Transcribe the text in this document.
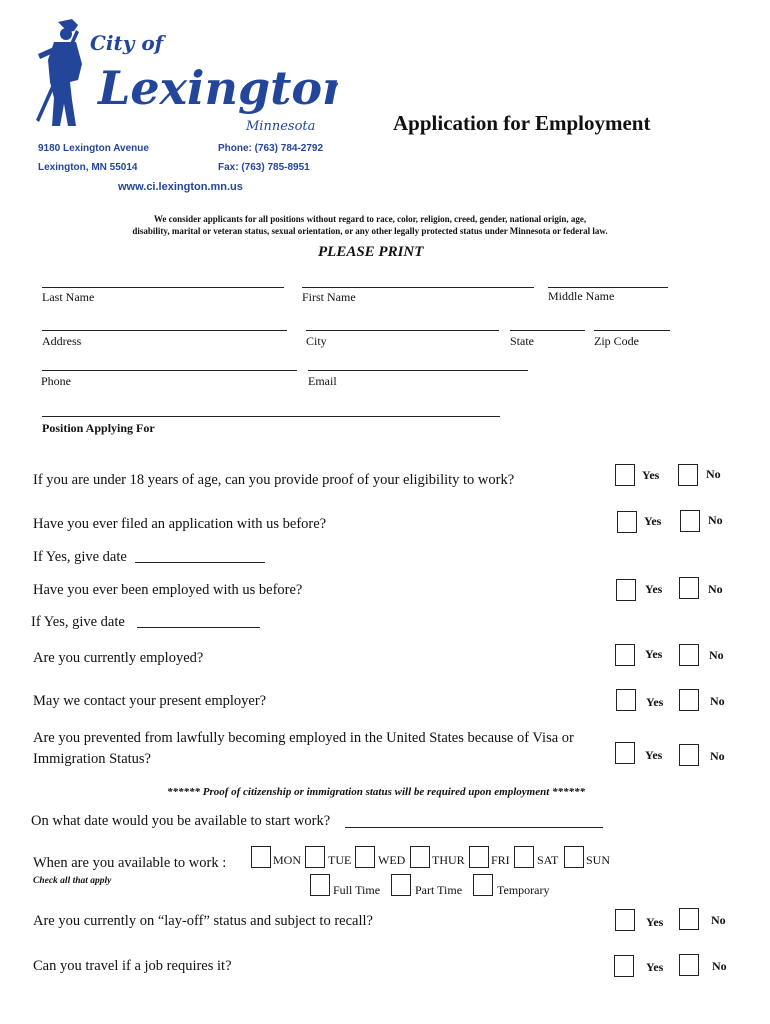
City of
Lexington
Minnesota
9180 Lexington Avenue
Lexington, MN 55014
Phone: (763) 784-2792
Fax: (763) 785-8951
www.ci.lexington.mn.us
Application for Employment
We consider applicants for all positions without regard to race, color, religion, creed, gender, national origin, age,
disability, marital or veteran status, sexual orientation, or any other legally protected status under Minnesota or federal law.
PLEASE PRINT
Last Name	First Name	Middle Name
Address	City	State	Zip Code
Phone	Email
Position Applying For
If you are under 18 years of age, can you provide proof of your eligibility to work?	Yes	No
Have you ever filed an application with us before?	Yes	No
If Yes, give date
Have you ever been employed with us before?	Yes	No
If Yes, give date
Are you currently employed?	Yes	No
May we contact your present employer?	Yes	No
Are you prevented from lawfully becoming employed in the United States because of Visa or
Immigration Status?	Yes	No
****** Proof of citizenship or immigration status will be required upon employment ******
On what date would you be available to start work?
When are you available to work :
Check all that apply
MON TUE WED THUR FRI SAT SUN
Full Time	Part Time	Temporary
Are you currently on “lay-off” status and subject to recall?	Yes	No
Can you travel if a job requires it?	Yes	No
